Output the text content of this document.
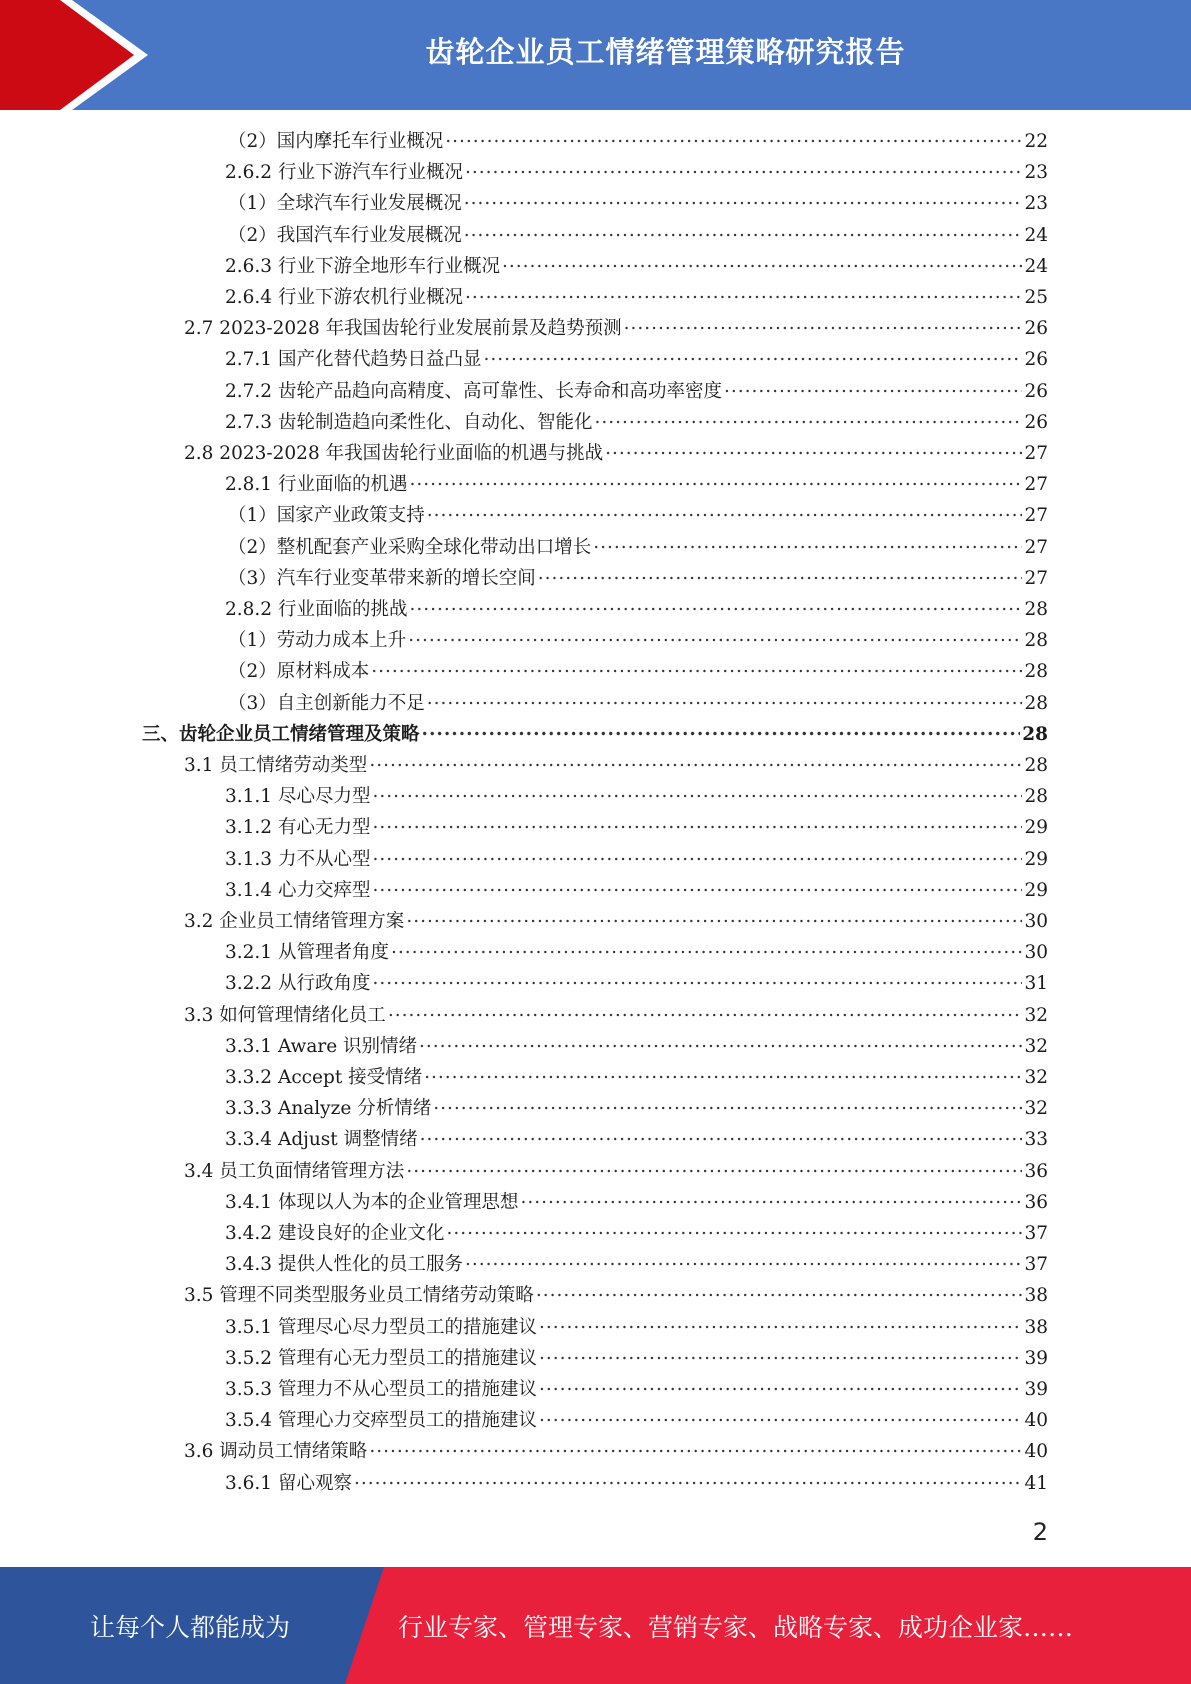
齿轮企业员工情绪管理策略研究报告
（2）国内摩托车行业概况 .....	22
2.6.2 行业下游汽车行业概况 .....	23
（1）全球汽车行业发展概况 .....	23
（2）我国汽车行业发展概况 .....	24
2.6.3 行业下游全地形车行业概况 .....	24
2.6.4 行业下游农机行业概况 .....	25
2.7 2023-2028 年我国齿轮行业发展前景及趋势预测 .....	26
2.7.1 国产化替代趋势日益凸显 .....	26
2.7.2 齿轮产品趋向高精度、高可靠性、长寿命和高功率密度 .....	26
2.7.3 齿轮制造趋向柔性化、自动化、智能化 .....	26
2.8 2023-2028 年我国齿轮行业面临的机遇与挑战 .....	27
2.8.1 行业面临的机遇 .....	27
（1）国家产业政策支持 .....	27
（2）整机配套产业采购全球化带动出口增长 .....	27
（3）汽车行业变革带来新的增长空间 .....	27
2.8.2 行业面临的挑战 .....	28
（1）劳动力成本上升 .....	28
（2）原材料成本 .....	28
（3）自主创新能力不足 .....	28
三、齿轮企业员工情绪管理及策略 .....	28
3.1 员工情绪劳动类型 .....	28
3.1.1 尽心尽力型 .....	28
3.1.2 有心无力型 .....	29
3.1.3 力不从心型 .....	29
3.1.4 心力交瘁型 .....	29
3.2 企业员工情绪管理方案 .....	30
3.2.1 从管理者角度 .....	30
3.2.2 从行政角度 .....	31
3.3 如何管理情绪化员工 .....	32
3.3.1 Aware 识别情绪 .....	32
3.3.2 Accept 接受情绪 .....	32
3.3.3 Analyze 分析情绪 .....	32
3.3.4 Adjust 调整情绪 .....	33
3.4 员工负面情绪管理方法 .....	36
3.4.1 体现以人为本的企业管理思想 .....	36
3.4.2 建设良好的企业文化 .....	37
3.4.3 提供人性化的员工服务 .....	37
3.5 管理不同类型服务业员工情绪劳动策略 .....	38
3.5.1 管理尽心尽力型员工的措施建议 .....	38
3.5.2 管理有心无力型员工的措施建议 .....	39
3.5.3 管理力不从心型员工的措施建议 .....	39
3.5.4 管理心力交瘁型员工的措施建议 .....	40
3.6 调动员工情绪策略 .....	40
3.6.1 留心观察 .....	41
2
让每个人都能成为	行业专家、管理专家、营销专家、战略专家、成功企业家……
